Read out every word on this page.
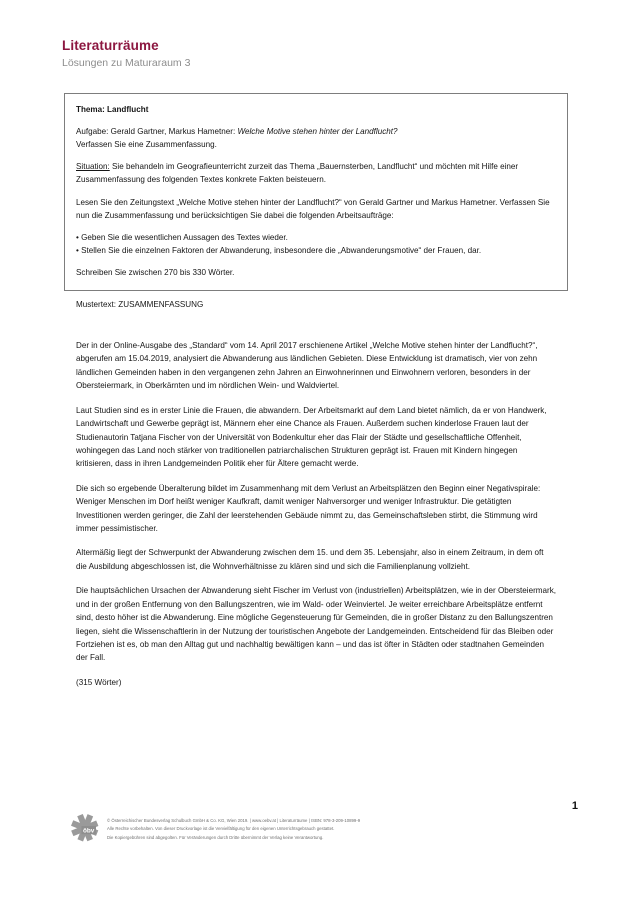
Literaturräume
Lösungen zu Maturaraum 3
Thema: Landflucht
Aufgabe: Gerald Gartner, Markus Hametner: Welche Motive stehen hinter der Landflucht?
Verfassen Sie eine Zusammenfassung.
Situation: Sie behandeln im Geografieunterricht zurzeit das Thema „Bauernsterben, Landflucht“ und möchten mit Hilfe einer Zusammenfassung des folgenden Textes konkrete Fakten beisteuern.
Lesen Sie den Zeitungstext „Welche Motive stehen hinter der Landflucht?“ von Gerald Gartner und Markus Hametner. Verfassen Sie nun die Zusammenfassung und berücksichtigen Sie dabei die folgenden Arbeitsaufträge:
• Geben Sie die wesentlichen Aussagen des Textes wieder.
• Stellen Sie die einzelnen Faktoren der Abwanderung, insbesondere die „Abwanderungsmotive“ der Frauen, dar.
Schreiben Sie zwischen 270 bis 330 Wörter.
Mustertext: ZUSAMMENFASSUNG

Der in der Online-Ausgabe des „Standard“ vom 14. April 2017 erschienene Artikel „Welche Motive stehen hinter der Landflucht?“, abgerufen am 15.04.2019, analysiert die Abwanderung aus ländlichen Gebieten. Diese Entwicklung ist dramatisch, vier von zehn ländlichen Gemeinden haben in den vergangenen zehn Jahren an Einwohnerinnen und Einwohnern verloren, besonders in der Obersteiermark, in Oberkärnten und im nördlichen Wein- und Waldviertel.

Laut Studien sind es in erster Linie die Frauen, die abwandern. Der Arbeitsmarkt auf dem Land bietet nämlich, da er von Handwerk, Landwirtschaft und Gewerbe geprägt ist, Männern eher eine Chance als Frauen. Außerdem suchen kinderlose Frauen laut der Studienautorin Tatjana Fischer von der Universität von Bodenkultur eher das Flair der Städte und gesellschaftliche Offenheit, wohingegen das Land noch stärker von traditionellen patriarchalischen Strukturen geprägt ist. Frauen mit Kindern hingegen kritisieren, dass in ihren Landgemeinden Politik eher für Ältere gemacht werde.

Die sich so ergebende Überalterung bildet im Zusammenhang mit dem Verlust an Arbeitsplätzen den Beginn einer Negativspirale: Weniger Menschen im Dorf heißt weniger Kaufkraft, damit weniger Nahversorger und weniger Infrastruktur. Die getätigten Investitionen werden geringer, die Zahl der leerstehenden Gebäude nimmt zu, das Gemeinschaftsleben stirbt, die Stimmung wird immer pessimistischer.

Altermäßig liegt der Schwerpunkt der Abwanderung zwischen dem 15. und dem 35. Lebensjahr, also in einem Zeitraum, in dem oft die Ausbildung abgeschlossen ist, die Wohnverhältnisse zu klären sind und sich die Familienplanung vollzieht.

Die hauptsächlichen Ursachen der Abwanderung sieht Fischer im Verlust von (industriellen) Arbeitsplätzen, wie in der Obersteiermark, und in der großen Entfernung von den Ballungszentren, wie im Wald- oder Weinviertel. Je weiter erreichbare Arbeitsplätze entfernt sind, desto höher ist die Abwanderung. Eine mögliche Gegensteuerung für Gemeinden, die in großer Distanz zu den Ballungszentren liegen, sieht die Wissenschaftlerin in der Nutzung der touristischen Angebote der Landgemeinden. Entscheidend für das Bleiben oder Fortziehen ist es, ob man den Alltag gut und nachhaltig bewältigen kann – und das ist öfter in Städten oder stadtnahen Gemeinden der Fall.

(315 Wörter)

öbv
© Österreichischer Bundesverlag Schulbuch GmbH & Co. KG, Wien 2019. | www.oebv.at | Literaturräume | ISBN: 978-3-209-10899-9
Alle Rechte vorbehalten. Von dieser Druckvorlage ist die Vervielfältigung für den eigenen Unterrichtsgebrauch gestattet.
Die Kopiergebühren sind abgegolten. Für Veränderungen durch Dritte übernimmt der Verlag keine Verantwortung.
1
